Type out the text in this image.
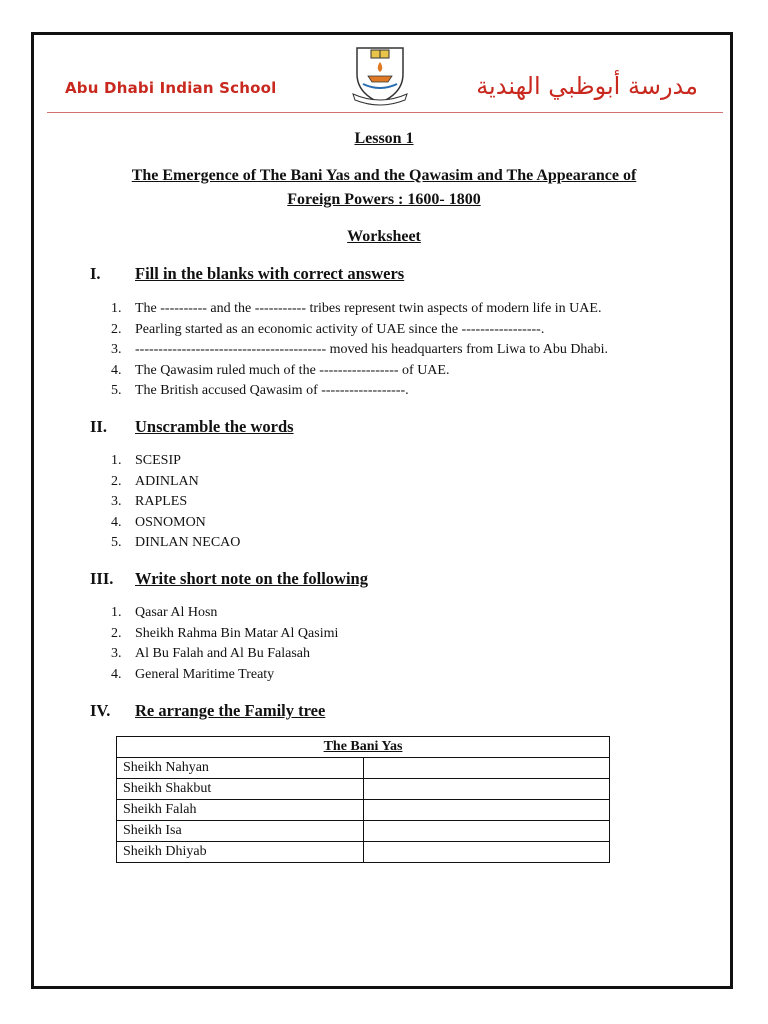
Abu Dhabi Indian School	مدرسة أبوظبي الهندية
Lesson 1
The Emergence of The Bani Yas and the Qawasim and The Appearance of
Foreign Powers : 1600- 1800
Worksheet
I. Fill in the blanks with correct answers
1. The ---------- and the ----------- tribes represent twin aspects of modern life in UAE.
2. Pearling started as an economic activity of UAE since the -----------------.
3. ----------------------------------------- moved his headquarters from Liwa to Abu Dhabi.
4. The Qawasim ruled much of the ----------------- of UAE.
5. The British accused Qawasim of ------------------.
II. Unscramble the words
1. SCESIP
2. ADINLAN
3. RAPLES
4. OSNOMON
5. DINLAN NECAO
III. Write short note on the following
1. Qasar Al Hosn
2. Sheikh Rahma Bin Matar Al Qasimi
3. Al Bu Falah and Al Bu Falasah
4. General Maritime Treaty
IV. Re arrange the Family tree
The Bani Yas	
Sheikh Nahyan	
Sheikh Shakbut	
Sheikh Falah	
Sheikh Isa	
Sheikh Dhiyab	
